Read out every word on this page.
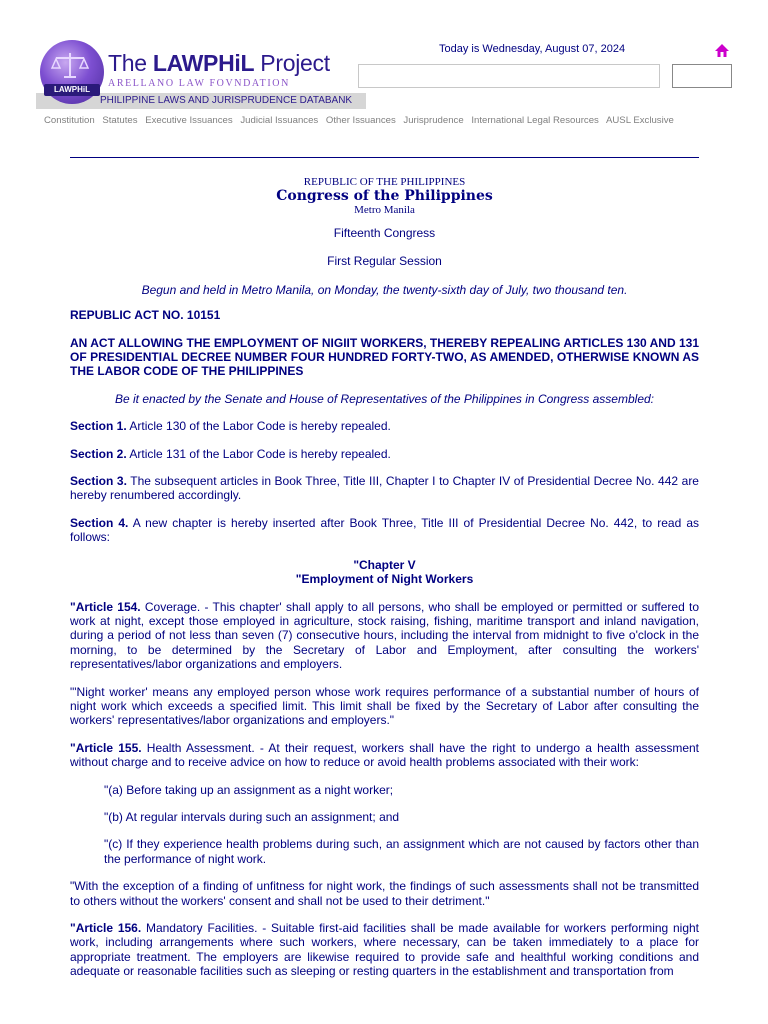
PHILIPPINE LAWS AND JURISPRUDENCE DATABANK
LAWPHiL
The LAWPHiL Project
ARELLANO LAW FOVNDATION
Today is Wednesday, August 07, 2024
Constitution Statutes Executive Issuances Judicial Issuances Other Issuances Jurisprudence International Legal Resources AUSL Exclusive

REPUBLIC OF THE PHILIPPINES

Congress of the Philippines

Metro Manila

Fifteenth Congress

First Regular Session

Begun and held in Metro Manila, on Monday, the twenty-sixth day of July, two thousand ten.

REPUBLIC ACT NO. 10151

AN ACT ALLOWING THE EMPLOYMENT OF NIGIIT WORKERS, THEREBY REPEALING ARTICLES 130 AND 131 OF PRESIDENTIAL DECREE NUMBER FOUR HUNDRED FORTY-TWO, AS AMENDED, OTHERWISE KNOWN AS THE LABOR CODE OF THE PHILIPPINES

Be it enacted by the Senate and House of Representatives of the Philippines in Congress assembled:

Section 1. Article 130 of the Labor Code is hereby repealed.

Section 2. Article 131 of the Labor Code is hereby repealed.

Section 3. The subsequent articles in Book Three, Title III, Chapter I to Chapter IV of Presidential Decree No. 442 are hereby renumbered accordingly.

Section 4. A new chapter is hereby inserted after Book Three, Title III of Presidential Decree No. 442, to read as follows:

"Chapter V

"Employment of Night Workers

"Article 154. Coverage. - This chapter' shall apply to all persons, who shall be employed or permitted or suffered to work at night, except those employed in agriculture, stock raising, fishing, maritime transport and inland navigation, during a period of not less than seven (7) consecutive hours, including the interval from midnight to five o'clock in the morning, to be determined by the Secretary of Labor and Employment, after consulting the workers' representatives/labor organizations and employers.

"'Night worker' means any employed person whose work requires performance of a substantial number of hours of night work which exceeds a specified limit. This limit shall be fixed by the Secretary of Labor after consulting the workers' representatives/labor organizations and employers."

"Article 155. Health Assessment. - At their request, workers shall have the right to undergo a health assessment without charge and to receive advice on how to reduce or avoid health problems associated with their work:

"(a) Before taking up an assignment as a night worker;

"(b) At regular intervals during such an assignment; and

"(c) If they experience health problems during such, an assignment which are not caused by factors other than the performance of night work.

"With the exception of a finding of unfitness for night work, the findings of such assessments shall not be transmitted to others without the workers' consent and shall not be used to their detriment."

"Article 156. Mandatory Facilities. - Suitable first-aid facilities shall be made available for workers performing night work, including arrangements where such workers, where necessary, can be taken immediately to a place for appropriate treatment. The employers are likewise required to provide safe and healthful working conditions and adequate or reasonable facilities such as sleeping or resting quarters in the establishment and transportation from
